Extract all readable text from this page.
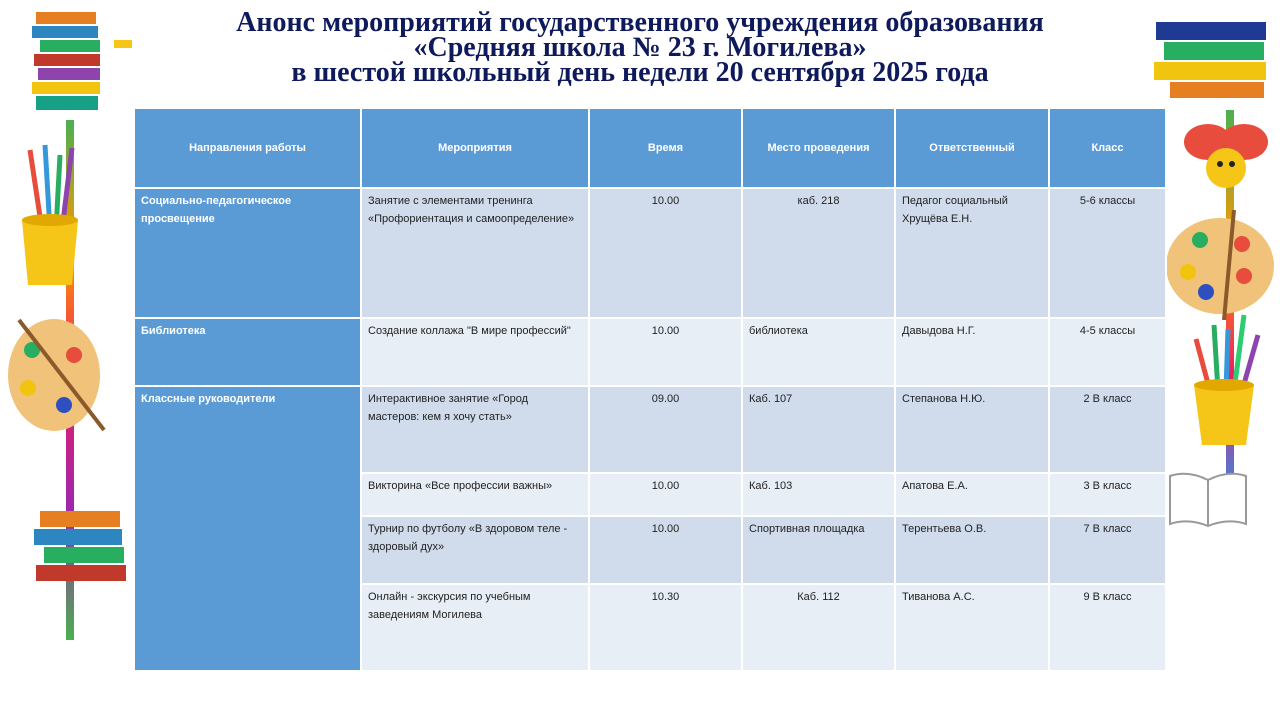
Анонс мероприятий государственного учреждения образования
«Средняя школа № 23 г. Могилева»
в шестой школьный день недели 20 сентября 2025 года
Направления работы	Мероприятия	Время	Место проведения	Ответственный	Класс
Социально-педагогическое просвещение	Занятие с элементами тренинга «Профориентация и самоопределение»	10.00	каб. 218	Педагог социальный Хрущёва Е.Н.	5-6 классы
Библиотека	Создание коллажа "В мире профессий"	10.00	библиотека	Давыдова Н.Г.	4-5 классы
Классные руководители	Интерактивное занятие «Город мастеров: кем я хочу стать»	09.00	Каб. 107	Степанова Н.Ю.	2 В класс
	Викторина «Все профессии важны»	10.00	Каб. 103	Апатова Е.А.	3 В класс
	Турнир по футболу «В здоровом теле - здоровый дух»	10.00	Спортивная площадка	Терентьева О.В.	7 В класс
	Онлайн - экскурсия по учебным заведениям Могилева	10.30	Каб. 112	Тиванова А.С.	9 В класс
